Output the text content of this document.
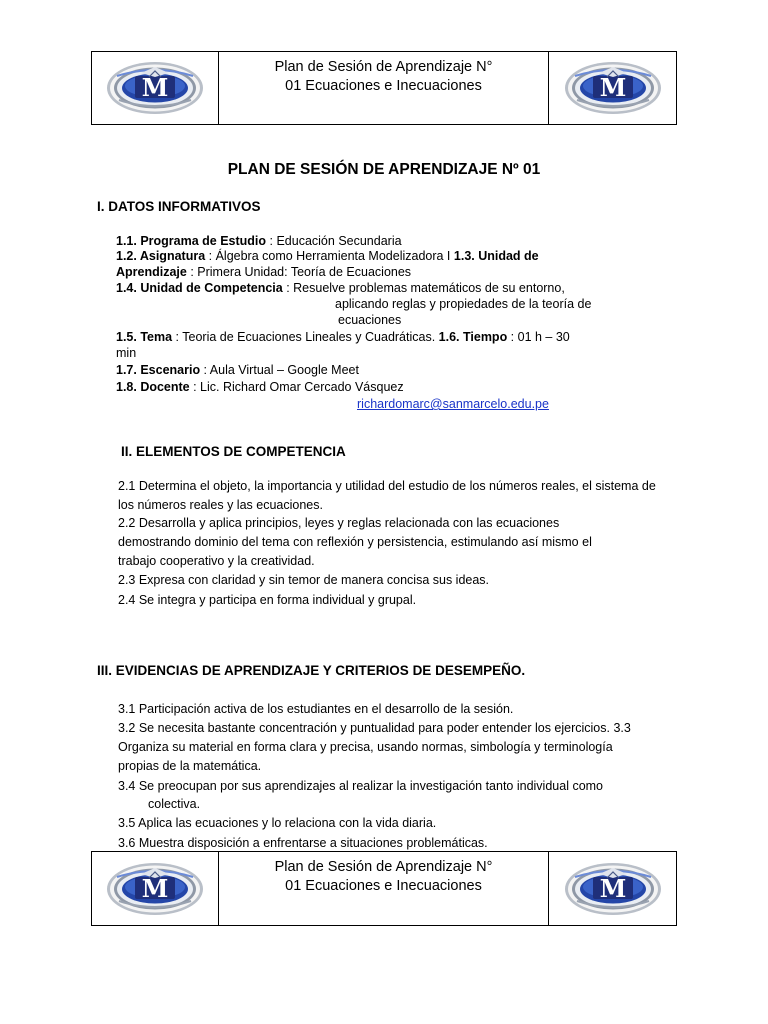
Plan de Sesión de Aprendizaje N°
01 Ecuaciones e Inecuaciones
PLAN DE SESIÓN DE APRENDIZAJE Nº 01
I. DATOS INFORMATIVOS
1.1. Programa de Estudio : Educación Secundaria
1.2. Asignatura : Álgebra como Herramienta Modelizadora I 1.3. Unidad de
Aprendizaje : Primera Unidad: Teoría de Ecuaciones
1.4. Unidad de Competencia : Resuelve problemas matemáticos de su entorno,
aplicando reglas y propiedades de la teoría de
ecuaciones
1.5. Tema : Teoria de Ecuaciones Lineales y Cuadráticas. 1.6. Tiempo : 01 h – 30
min
1.7. Escenario : Aula Virtual – Google Meet
1.8. Docente : Lic. Richard Omar Cercado Vásquez
richardomarc@sanmarcelo.edu.pe
II. ELEMENTOS DE COMPETENCIA
2.1 Determina el objeto, la importancia y utilidad del estudio de los números reales, el sistema de
los números reales y las ecuaciones.
2.2 Desarrolla y aplica principios, leyes y reglas relacionada con las ecuaciones
demostrando dominio del tema con reflexión y persistencia, estimulando así mismo el
trabajo cooperativo y la creatividad.
2.3 Expresa con claridad y sin temor de manera concisa sus ideas.
2.4 Se integra y participa en forma individual y grupal.
III. EVIDENCIAS DE APRENDIZAJE Y CRITERIOS DE DESEMPEÑO.
3.1 Participación activa de los estudiantes en el desarrollo de la sesión.
3.2 Se necesita bastante concentración y puntualidad para poder entender los ejercicios. 3.3
Organiza su material en forma clara y precisa, usando normas, simbología y terminología
propias de la matemática.
3.4 Se preocupan por sus aprendizajes al realizar la investigación tanto individual como
colectiva.
3.5 Aplica las ecuaciones y lo relaciona con la vida diaria.
3.6 Muestra disposición a enfrentarse a situaciones problemáticas.
Plan de Sesión de Aprendizaje N°
01 Ecuaciones e Inecuaciones
